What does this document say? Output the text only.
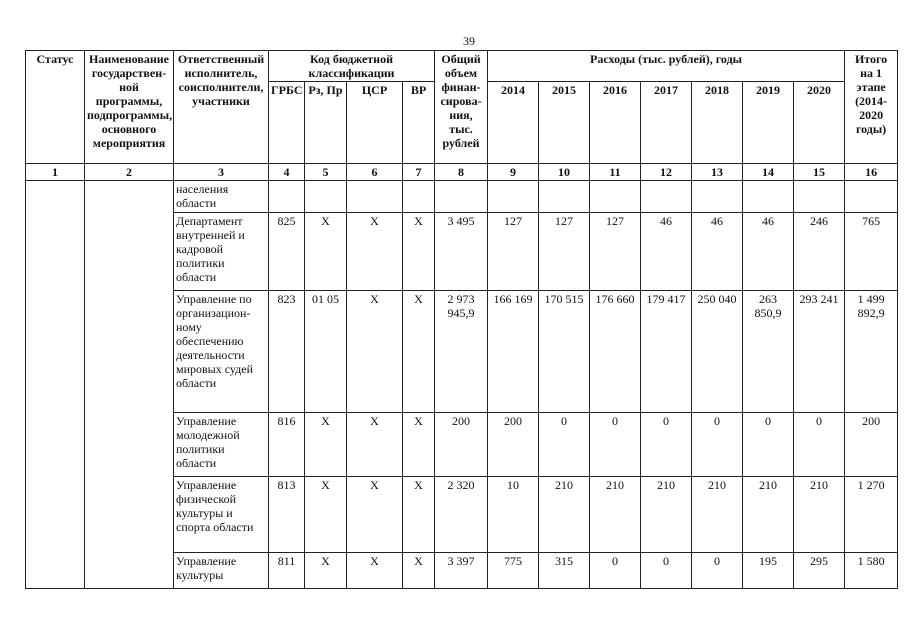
39
Статус	Наименование государствен-ной программы, подпрограммы, основного мероприятия	Ответственный исполнитель, соисполнители, участники	Код бюджетной классификации				Общий объем финан-сирова-ния, тыс. рублей	Расходы (тыс. рублей), годы							Итого на 1 этапе (2014-2020 годы)
			ГРБС	Рз, Пр	ЦСР	ВР		2014	2015	2016	2017	2018	2019	2020	
1	2	3	4	5	6	7	8	9	10	11	12	13	14	15	16
		населения области													
		Департамент внутренней и кадровой политики области	825	Х	Х	Х	3 495	127	127	127	46	46	46	246	765
		Управление по организацион-ному обеспечению деятельности мировых судей области	823	01 05	Х	Х	2 973 945,9	166 169	170 515	176 660	179 417	250 040	263 850,9	293 241	1 499 892,9
		Управление молодежной политики области	816	Х	Х	Х	200	200	0	0	0	0	0	0	200
		Управление физической культуры и спорта области	813	Х	Х	Х	2 320	10	210	210	210	210	210	210	1 270
		Управление культуры	811	Х	Х	Х	3 397	775	315	0	0	0	195	295	1 580
